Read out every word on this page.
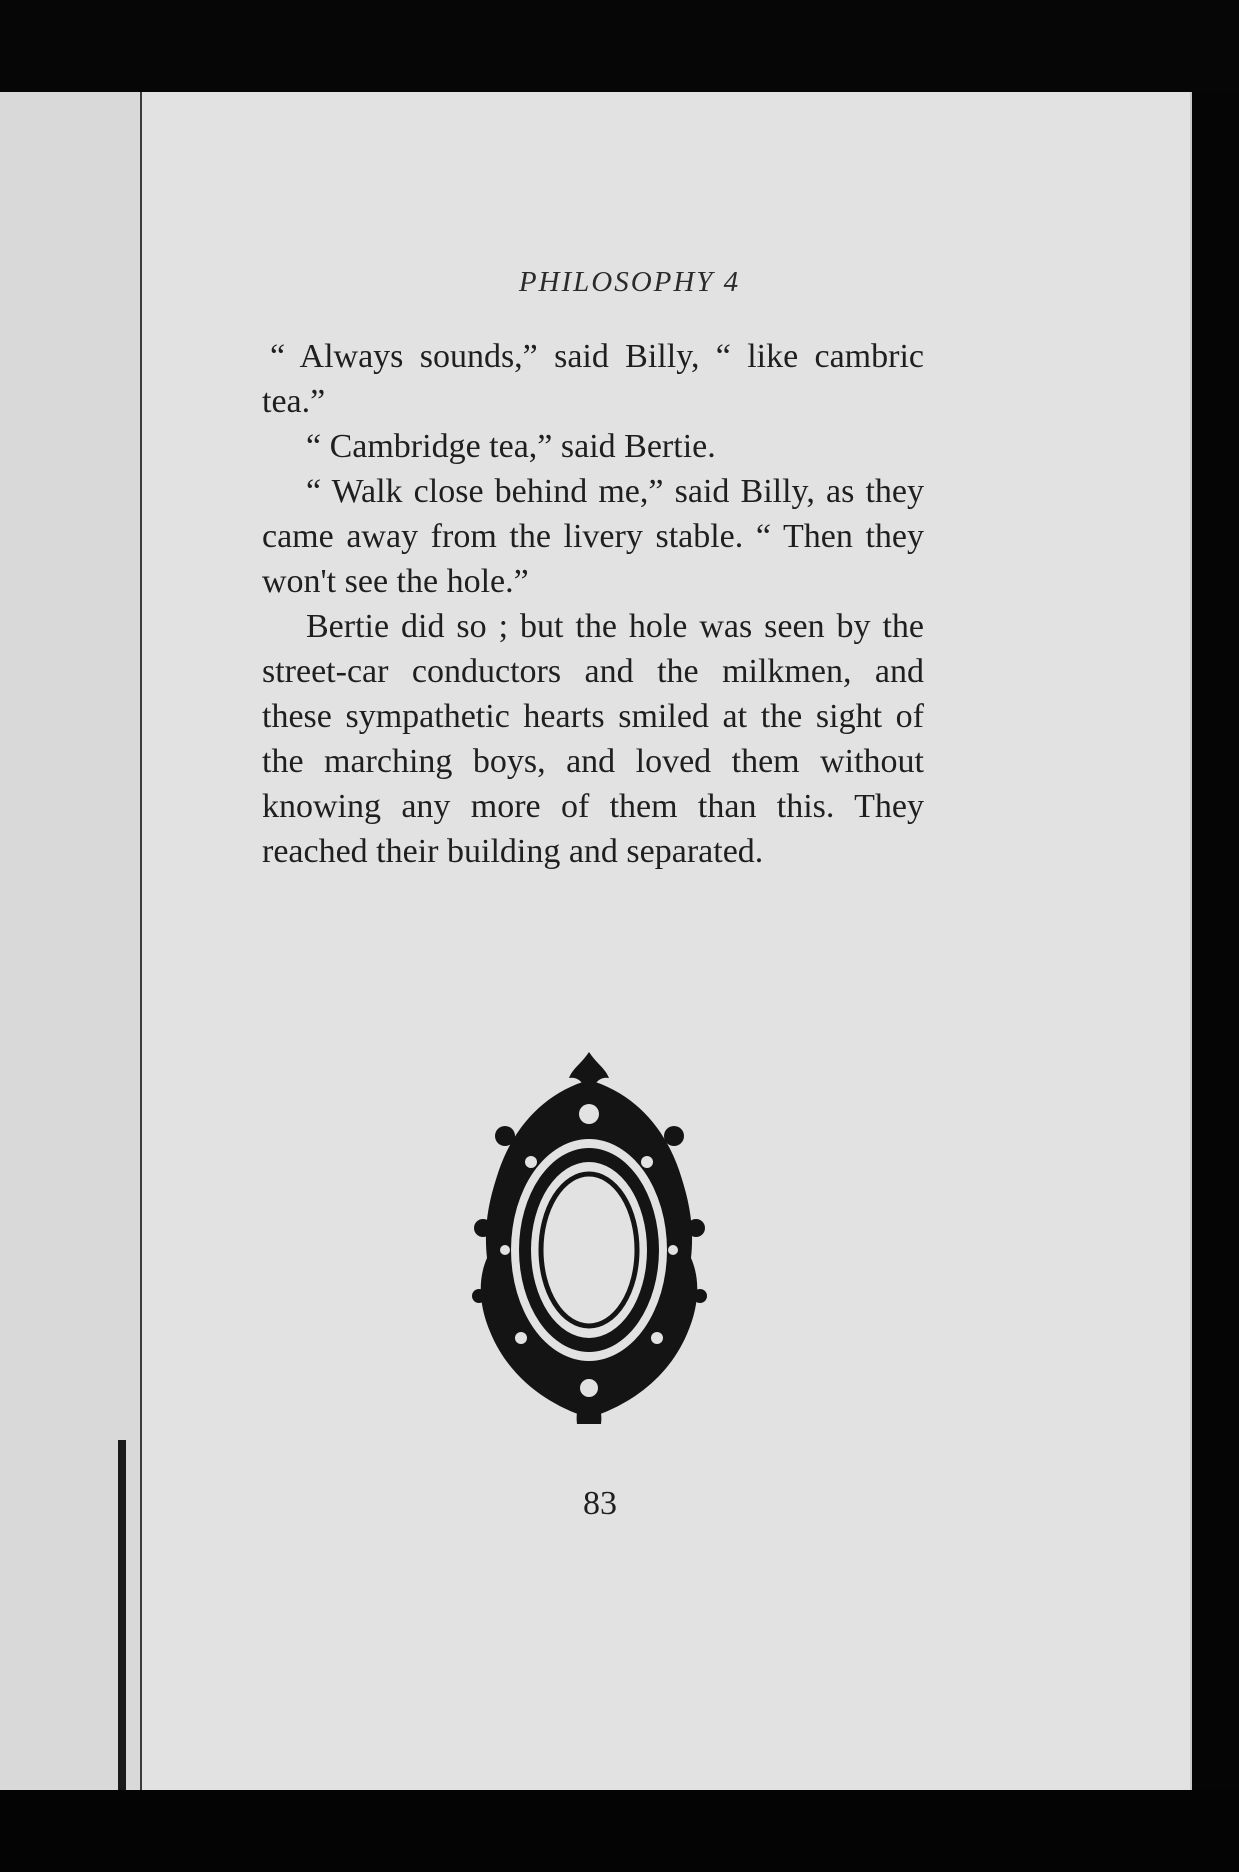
PHILOSOPHY 4

“ Always sounds,” said Billy, “ like cambric tea.”

“ Cambridge tea,” said Bertie.

“ Walk close behind me,” said Billy, as they came away from the livery stable. “ Then they won't see the hole.”

Bertie did so ; but the hole was seen by the street-car conductors and the milkmen, and these sympathetic hearts smiled at the sight of the marching boys, and loved them without knowing any more of them than this. They reached their building and separated.

83
